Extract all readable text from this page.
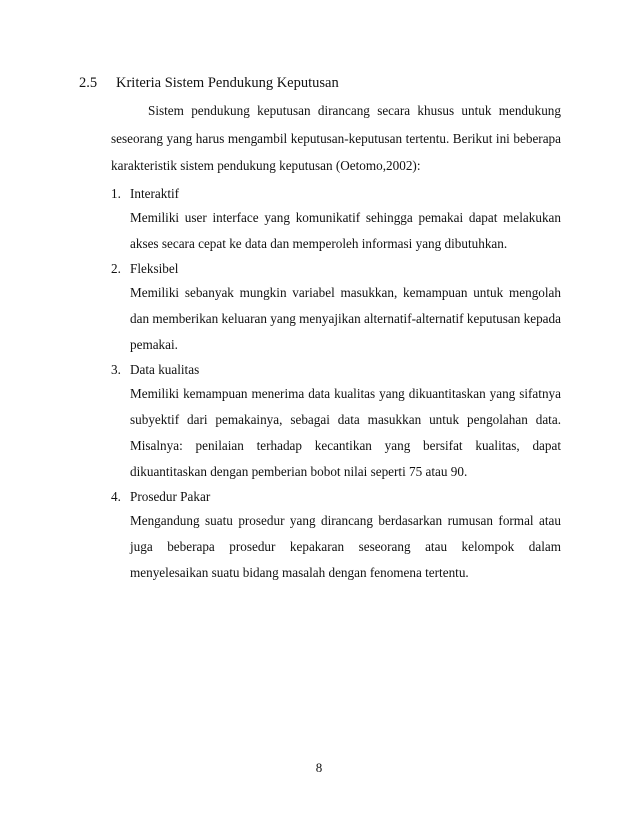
2.5 Kriteria Sistem Pendukung Keputusan

Sistem pendukung keputusan dirancang secara khusus untuk mendukung seseorang yang harus mengambil keputusan-keputusan tertentu. Berikut ini beberapa karakteristik sistem pendukung keputusan (Oetomo,2002):

1. Interaktif

Memiliki user interface yang komunikatif sehingga pemakai dapat melakukan akses secara cepat ke data dan memperoleh informasi yang dibutuhkan.

2. Fleksibel

Memiliki sebanyak mungkin variabel masukkan, kemampuan untuk mengolah dan memberikan keluaran yang menyajikan alternatif-alternatif keputusan kepada pemakai.

3. Data kualitas

Memiliki kemampuan menerima data kualitas yang dikuantitaskan yang sifatnya subyektif dari pemakainya, sebagai data masukkan untuk pengolahan data. Misalnya: penilaian terhadap kecantikan yang bersifat kualitas, dapat dikuantitaskan dengan pemberian bobot nilai seperti 75 atau 90.

4. Prosedur Pakar

Mengandung suatu prosedur yang dirancang berdasarkan rumusan formal atau juga beberapa prosedur kepakaran seseorang atau kelompok dalam menyelesaikan suatu bidang masalah dengan fenomena tertentu.

8
